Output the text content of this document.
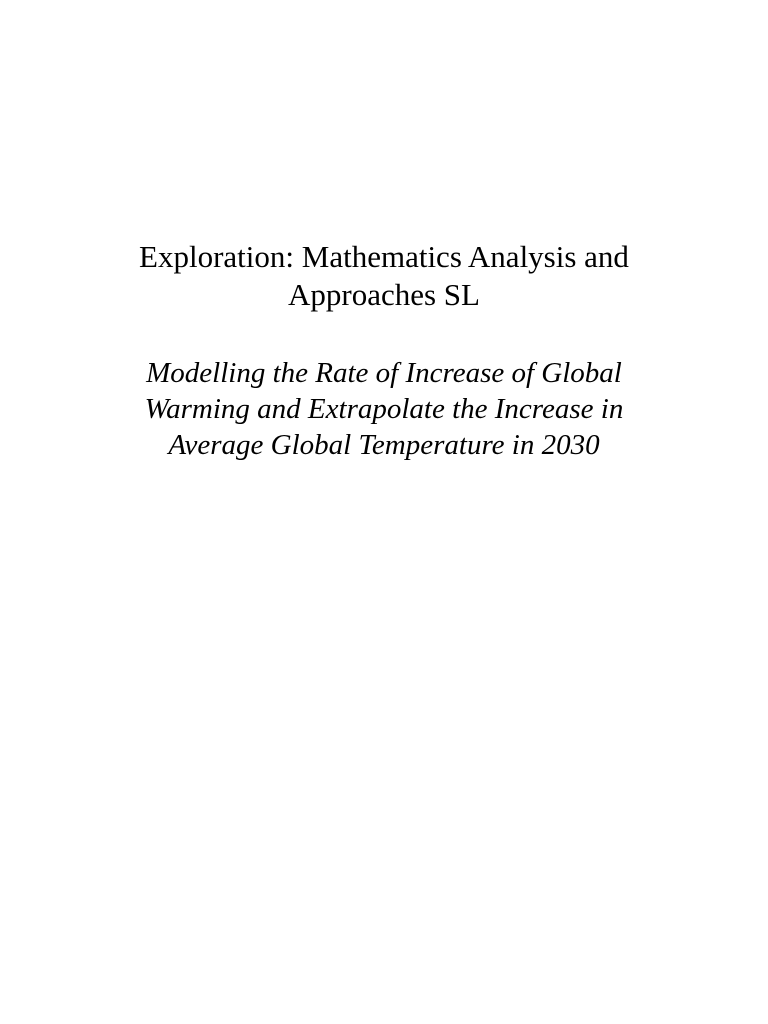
Exploration: Mathematics Analysis and
Approaches SL
Modelling the Rate of Increase of Global
Warming and Extrapolate the Increase in
Average Global Temperature in 2030
